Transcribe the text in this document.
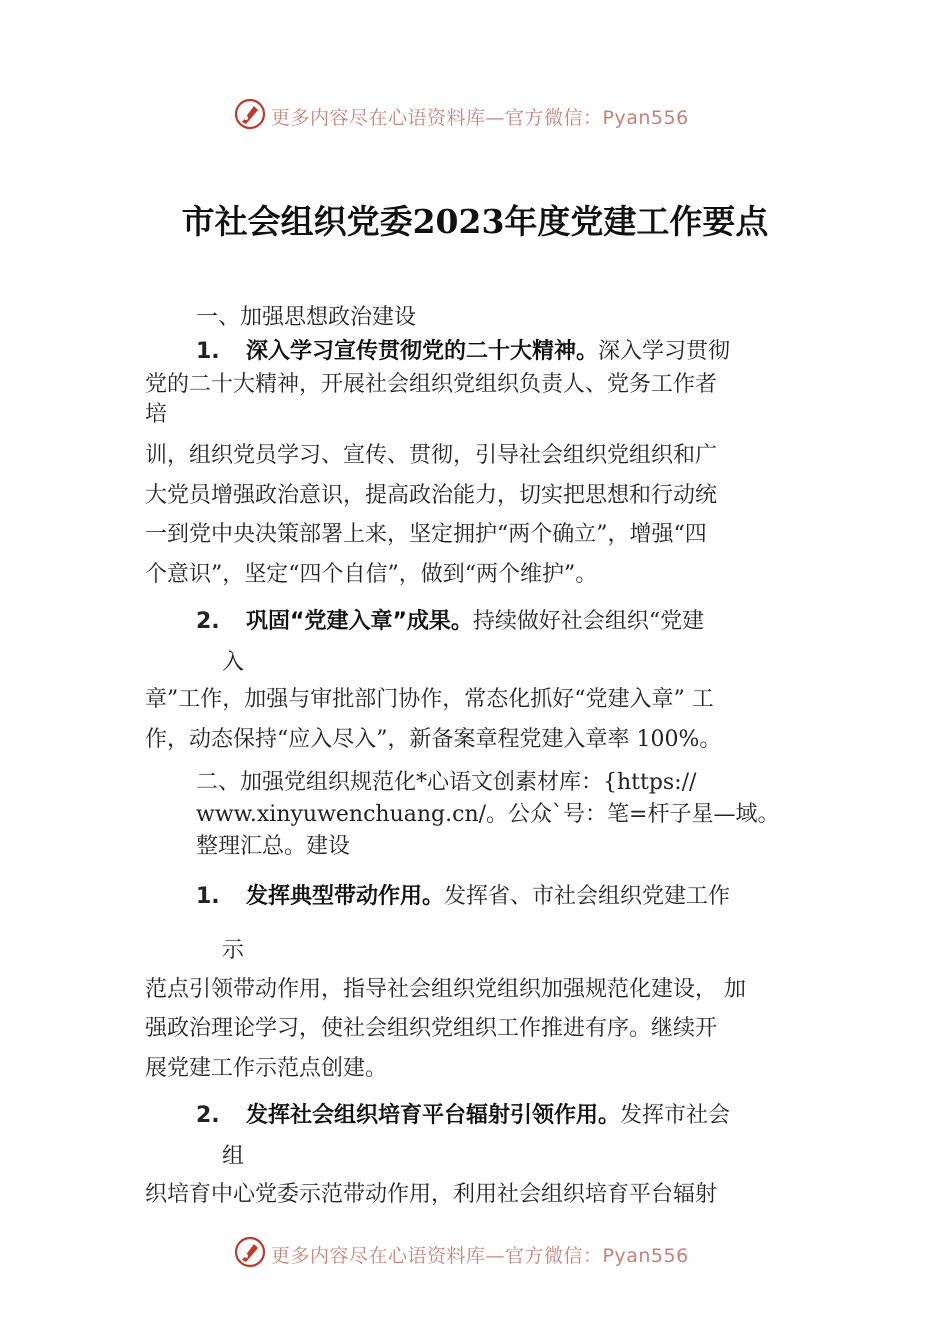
更多内容尽在心语资料库—官方微信：Pyan556
市社会组织党委2023年度党建工作要点
一、加强思想政治建设
1. 深入学习宣传贯彻党的二十大精神。深入学习贯彻
党的二十大精神，开展社会组织党组织负责人、党务工作者
培
训，组织党员学习、宣传、贯彻，引导社会组织党组织和广
大党员增强政治意识，提高政治能力，切实把思想和行动统
一到党中央决策部署上来，坚定拥护“两个确立”，增强“四
个意识”，坚定“四个自信”，做到“两个维护”。
2. 巩固“党建入章”成果。持续做好社会组织“党建
入
章”工作，加强与审批部门协作，常态化抓好“党建入章” 工
作，动态保持“应入尽入”，新备案章程党建入章率 100%。
二、加强党组织规范化*心语文创素材库：{https://
www.xinyuwenchuang.cn/。公众`号：笔=杆子星—域。
整理汇总。建设
1. 发挥典型带动作用。发挥省、市社会组织党建工作
示
范点引领带动作用，指导社会组织党组织加强规范化建设， 加
强政治理论学习，使社会组织党组织工作推进有序。继续开
展党建工作示范点创建。
2. 发挥社会组织培育平台辐射引领作用。发挥市社会
组
织培育中心党委示范带动作用，利用社会组织培育平台辐射
更多内容尽在心语资料库—官方微信：Pyan556
